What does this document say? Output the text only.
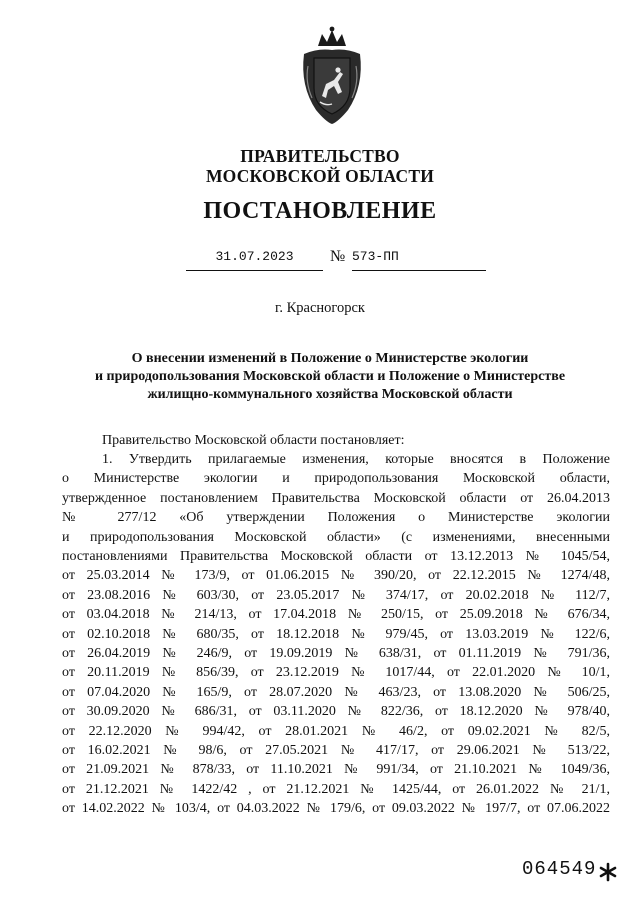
ПРАВИТЕЛЬСТВО
МОСКОВСКОЙ ОБЛАСТИ
ПОСТАНОВЛЕНИЕ
31.07.2023	№ 573-ПП
г. Красногорск
О внесении изменений в Положение о Министерстве экологии
и природопользования Московской области и Положение о Министерстве
жилищно-коммунального хозяйства Московской области
Правительство Московской области постановляет:
1. Утвердить прилагаемые изменения, которые вносятся в Положение
о Министерстве экологии и природопользования Московской области,
утвержденное постановлением Правительства Московской области от 26.04.2013
№ 277/12 «Об утверждении Положения о Министерстве экологии
и природопользования Московской области» (с изменениями, внесенными
постановлениями Правительства Московской области от 13.12.2013 № 1045/54,
от 25.03.2014 № 173/9, от 01.06.2015 № 390/20, от 22.12.2015 № 1274/48,
от 23.08.2016 № 603/30, от 23.05.2017 № 374/17, от 20.02.2018 № 112/7,
от 03.04.2018 № 214/13, от 17.04.2018 № 250/15, от 25.09.2018 № 676/34,
от 02.10.2018 № 680/35, от 18.12.2018 № 979/45, от 13.03.2019 № 122/6,
от 26.04.2019 № 246/9, от 19.09.2019 № 638/31, от 01.11.2019 № 791/36,
от 20.11.2019 № 856/39, от 23.12.2019 № 1017/44, от 22.01.2020 № 10/1,
от 07.04.2020 № 165/9, от 28.07.2020 № 463/23, от 13.08.2020 № 506/25,
от 30.09.2020 № 686/31, от 03.11.2020 № 822/36, от 18.12.2020 № 978/40,
от 22.12.2020 № 994/42, от 28.01.2021 № 46/2, от 09.02.2021 № 82/5,
от 16.02.2021 № 98/6, от 27.05.2021 № 417/17, от 29.06.2021 № 513/22,
от 21.09.2021 № 878/33, от 11.10.2021 № 991/34, от 21.10.2021 № 1049/36,
от 21.12.2021 № 1422/42 , от 21.12.2021 № 1425/44, от 26.01.2022 № 21/1,
от 14.02.2022 № 103/4, от 04.03.2022 № 179/6, от 09.03.2022 № 197/7, от 07.06.2022
064549
